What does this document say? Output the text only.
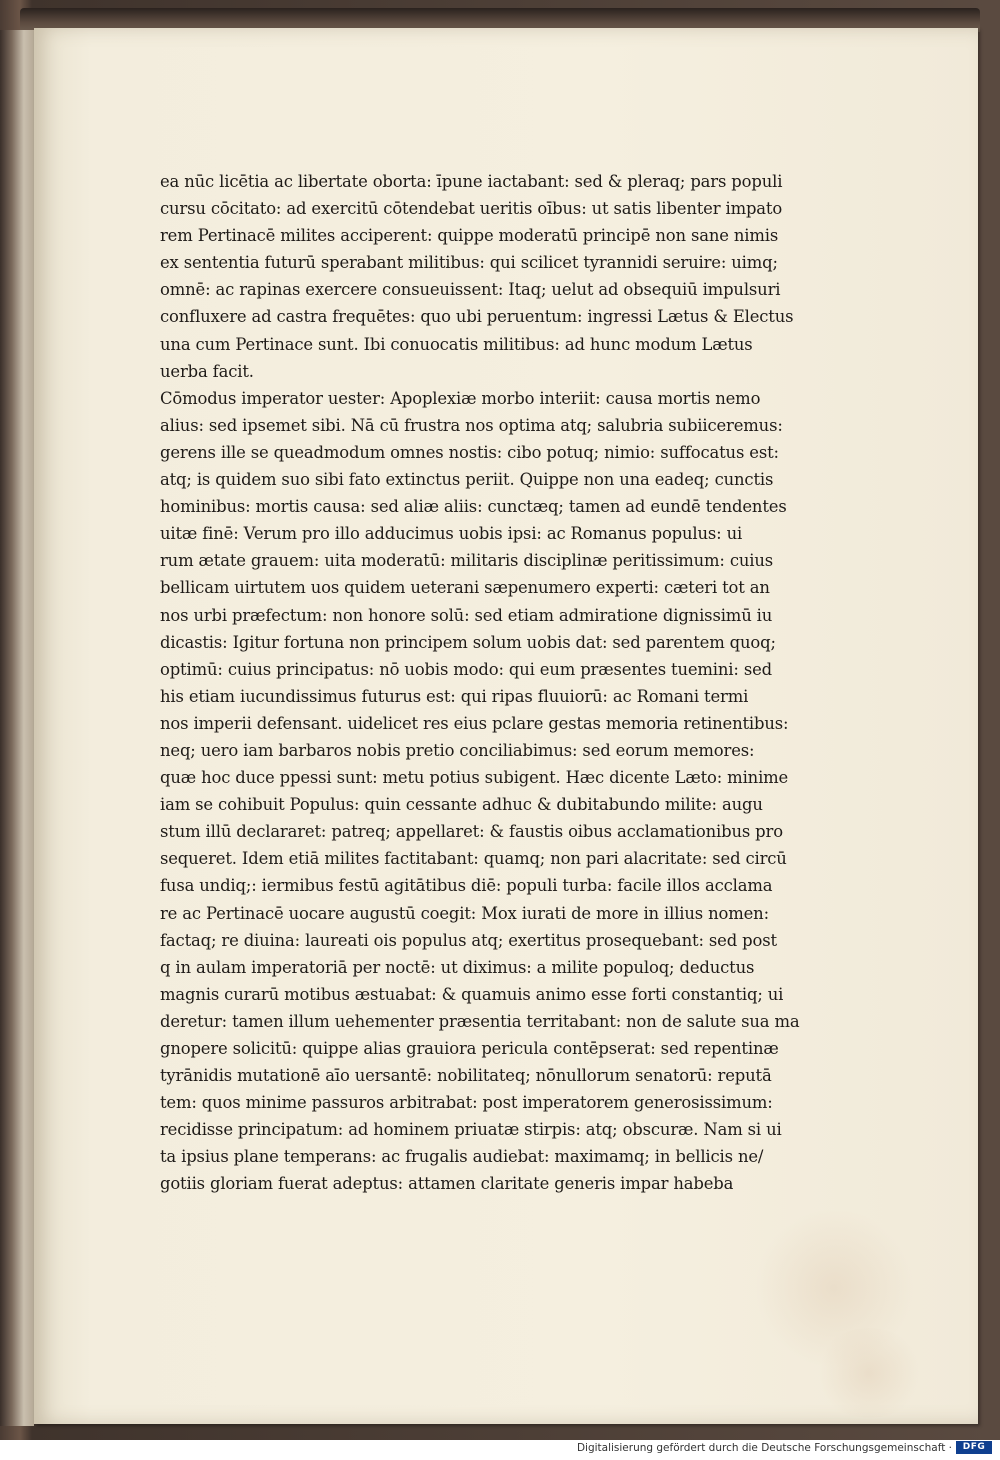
ea nūc licētia ac libertate oborta: īpune iactabant: sed & pleraq; pars populi
cursu cōcitato: ad exercitū cōtendebat ueritis oībus: ut satis libenter impato
rem Pertinacē milites acciperent: quippe moderatū principē non sane nimis
ex sententia futurū sperabant militibus: qui scilicet tyrannidi seruire: uimq;
omnē: ac rapinas exercere consueuissent: Itaq; uelut ad obsequiū impulsuri
confluxere ad castra frequētes: quo ubi peruentum: ingressi Lætus & Electus
una cum Pertinace sunt. Ibi conuocatis militibus: ad hunc modum Lætus
uerba facit.
Cōmodus imperator uester: Apoplexiæ morbo interiit: causa mortis nemo
alius: sed ipsemet sibi. Nā cū frustra nos optima atq; salubria subiiceremus:
gerens ille se queadmodum omnes nostis: cibo potuq; nimio: suffocatus est:
atq; is quidem suo sibi fato extinctus periit. Quippe non una eadeq; cunctis
hominibus: mortis causa: sed aliæ aliis: cunctæq; tamen ad eundē tendentes
uitæ finē: Verum pro illo adducimus uobis ipsi: ac Romanus populus: ui
rum ætate grauem: uita moderatū: militaris disciplinæ peritissimum: cuius
bellicam uirtutem uos quidem ueterani sæpenumero experti: cæteri tot an
nos urbi præfectum: non honore solū: sed etiam admiratione dignissimū iu
dicastis: Igitur fortuna non principem solum uobis dat: sed parentem quoq;
optimū: cuius principatus: nō uobis modo: qui eum præsentes tuemini: sed
his etiam iucundissimus futurus est: qui ripas fluuiorū: ac Romani termi
nos imperii defensant. uidelicet res eius pclare gestas memoria retinentibus:
neq; uero iam barbaros nobis pretio conciliabimus: sed eorum memores:
quæ hoc duce ppessi sunt: metu potius subigent. Hæc dicente Læto: minime
iam se cohibuit Populus: quin cessante adhuc & dubitabundo milite: augu
stum illū declararet: patreq; appellaret: & faustis oibus acclamationibus pro
sequeret. Idem etiā milites factitabant: quamq; non pari alacritate: sed circū
fusa undiq;: iermibus festū agitātibus diē: populi turba: facile illos acclama
re ac Pertinacē uocare augustū coegit: Mox iurati de more in illius nomen:
factaq; re diuina: laureati ois populus atq; exertitus prosequebant: sed post
q in aulam imperatoriā per noctē: ut diximus: a milite populoq; deductus
magnis curarū motibus æstuabat: & quamuis animo esse forti constantiq; ui
deretur: tamen illum uehementer præsentia territabant: non de salute sua ma
gnopere solicitū: quippe alias grauiora pericula contēpserat: sed repentinæ
tyrānidis mutationē aīo uersantē: nobilitateq; nōnullorum senatorū: reputā
tem: quos minime passuros arbitrabat: post imperatorem generosissimum:
recidisse principatum: ad hominem priuatæ stirpis: atq; obscuræ. Nam si ui
ta ipsius plane temperans: ac frugalis audiebat: maximamq; in bellicis ne/
gotiis gloriam fuerat adeptus: attamen claritate generis impar habeba
Digitalisierung gefördert durch die Deutsche Forschungsgemeinschaft ·	DFG
